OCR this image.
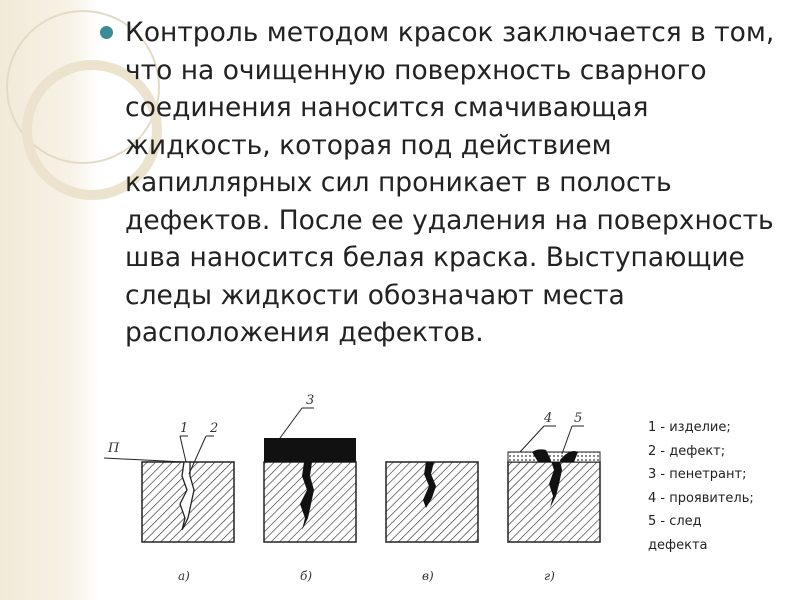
Контроль методом красок заключается в том, что на очищенную поверхность сварного соединения наносится смачивающая жидкость, которая под действием капиллярных сил проникает в полость дефектов. После ее удаления на поверхность шва наносится белая краска. Выступающие следы жидкости обозначают места расположения дефектов.

П
1 2
а)
3
б)	в)
4 5
г)
1 - изделие;
2 - дефект;
3 - пенетрант;
4 - проявитель;
5 - след
дефекта
